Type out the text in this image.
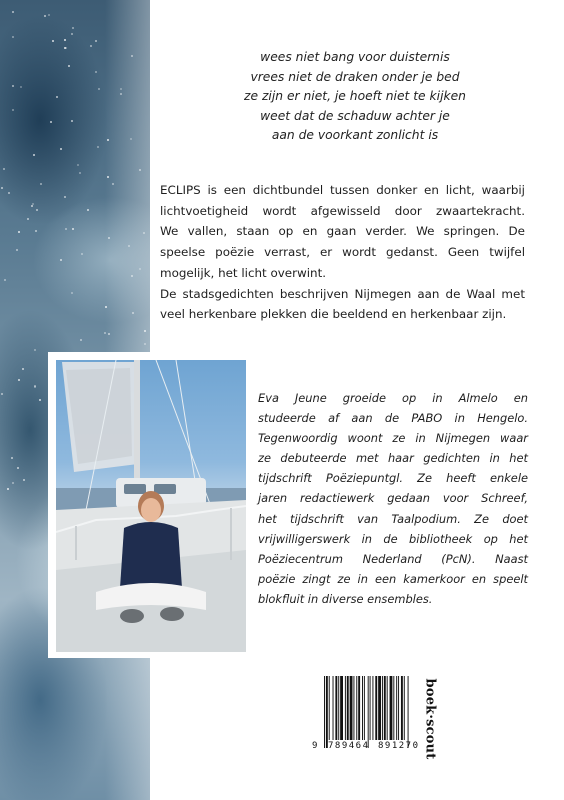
wees niet bang voor duisternis
vrees niet de draken onder je bed
ze zijn er niet, je hoeft niet te kijken
weet dat de schaduw achter je
aan de voorkant zonlicht is
ECLIPS is een dichtbundel tussen donker en licht, waarbij
lichtvoetigheid wordt afgewisseld door zwaartekracht.
We vallen, staan op en gaan verder. We springen. De
speelse poëzie verrast, er wordt gedanst. Geen twijfel
mogelijk, het licht overwint.
De stadsgedichten beschrijven Nijmegen aan de Waal met
veel herkenbare plekken die beeldend en herkenbaar zijn.
Eva Jeune groeide op in Almelo en
studeerde af aan de PABO in Hengelo.
Tegenwoordig woont ze in Nijmegen waar
ze debuteerde met haar gedichten in het
tijdschrift Poëziepuntgl. Ze heeft enkele
jaren redactiewerk gedaan voor Schreef,
het tijdschrift van Taalpodium. Ze doet
vrijwilligerswerk in de bibliotheek op het
Poëziecentrum Nederland (PcN). Naast
poëzie zingt ze in een kamerkoor en speelt
blokfluit in diverse ensembles.
9 789464 891270 boek·scout
